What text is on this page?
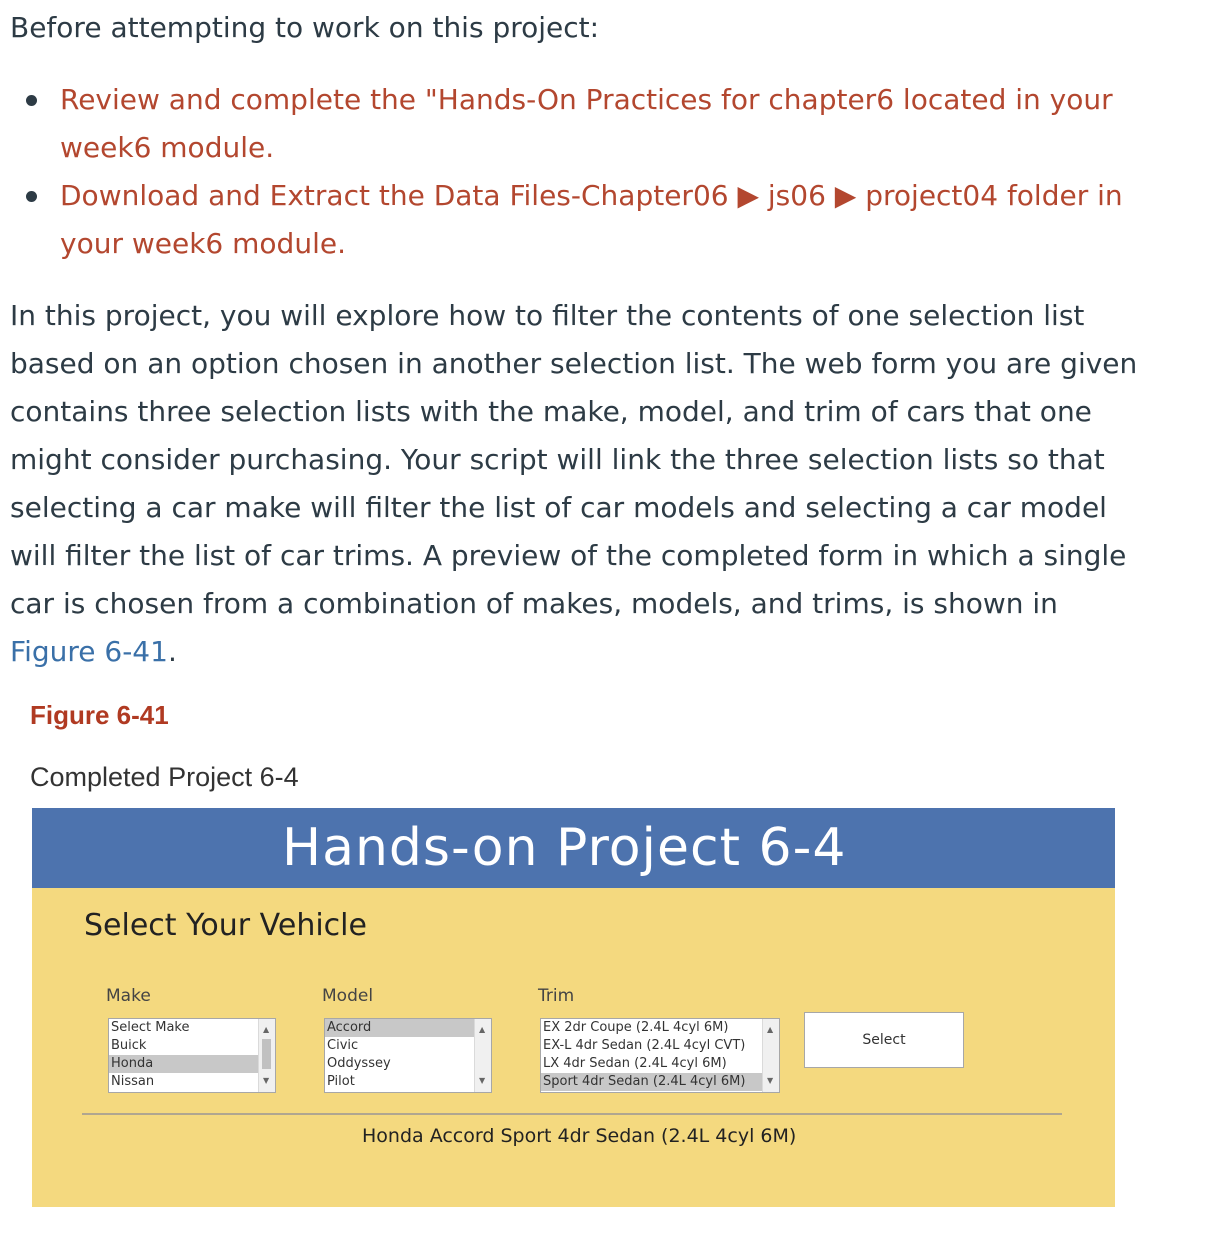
Before attempting to work on this project:

Review and complete the "Hands-On Practices for chapter6 located in your week6 module.
Download and Extract the Data Files-Chapter06 ▶ js06 ▶ project04 folder in your week6 module.

In this project, you will explore how to filter the contents of one selection list based on an option chosen in another selection list. The web form you are given contains three selection lists with the make, model, and trim of cars that one might consider purchasing. Your script will link the three selection lists so that selecting a car make will filter the list of car models and selecting a car model will filter the list of car trims. A preview of the completed form in which a single car is chosen from a combination of makes, models, and trims, is shown in Figure 6-41.

Figure 6-41

Completed Project 6-4

Hands-on Project 6-4
Select Your Vehicle
Make	Model	Trim
Select Make
Buick
Honda
Nissan
▲
▼
Accord
Civic
Oddyssey
Pilot
▲
▼
EX 2dr Coupe (2.4L 4cyl 6M)
EX-L 4dr Sedan (2.4L 4cyl CVT)
LX 4dr Sedan (2.4L 4cyl 6M)
Sport 4dr Sedan (2.4L 4cyl 6M)
▲
▼
Select
Honda Accord Sport 4dr Sedan (2.4L 4cyl 6M)
